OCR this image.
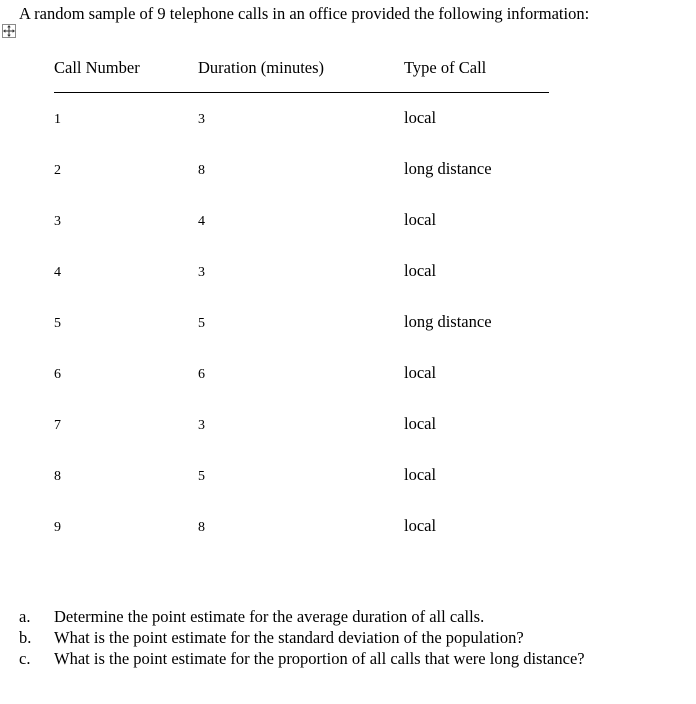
A random sample of 9 telephone calls in an office provided the following information:
Call Number	Duration (minutes)	Type of Call
1	3	local
2	8	long distance
3	4	local
4	3	local
5	5	long distance
6	6	local
7	3	local
8	5	local
9	8	local
a. Determine the point estimate for the average duration of all calls.
b. What is the point estimate for the standard deviation of the population?
c. What is the point estimate for the proportion of all calls that were long distance?
